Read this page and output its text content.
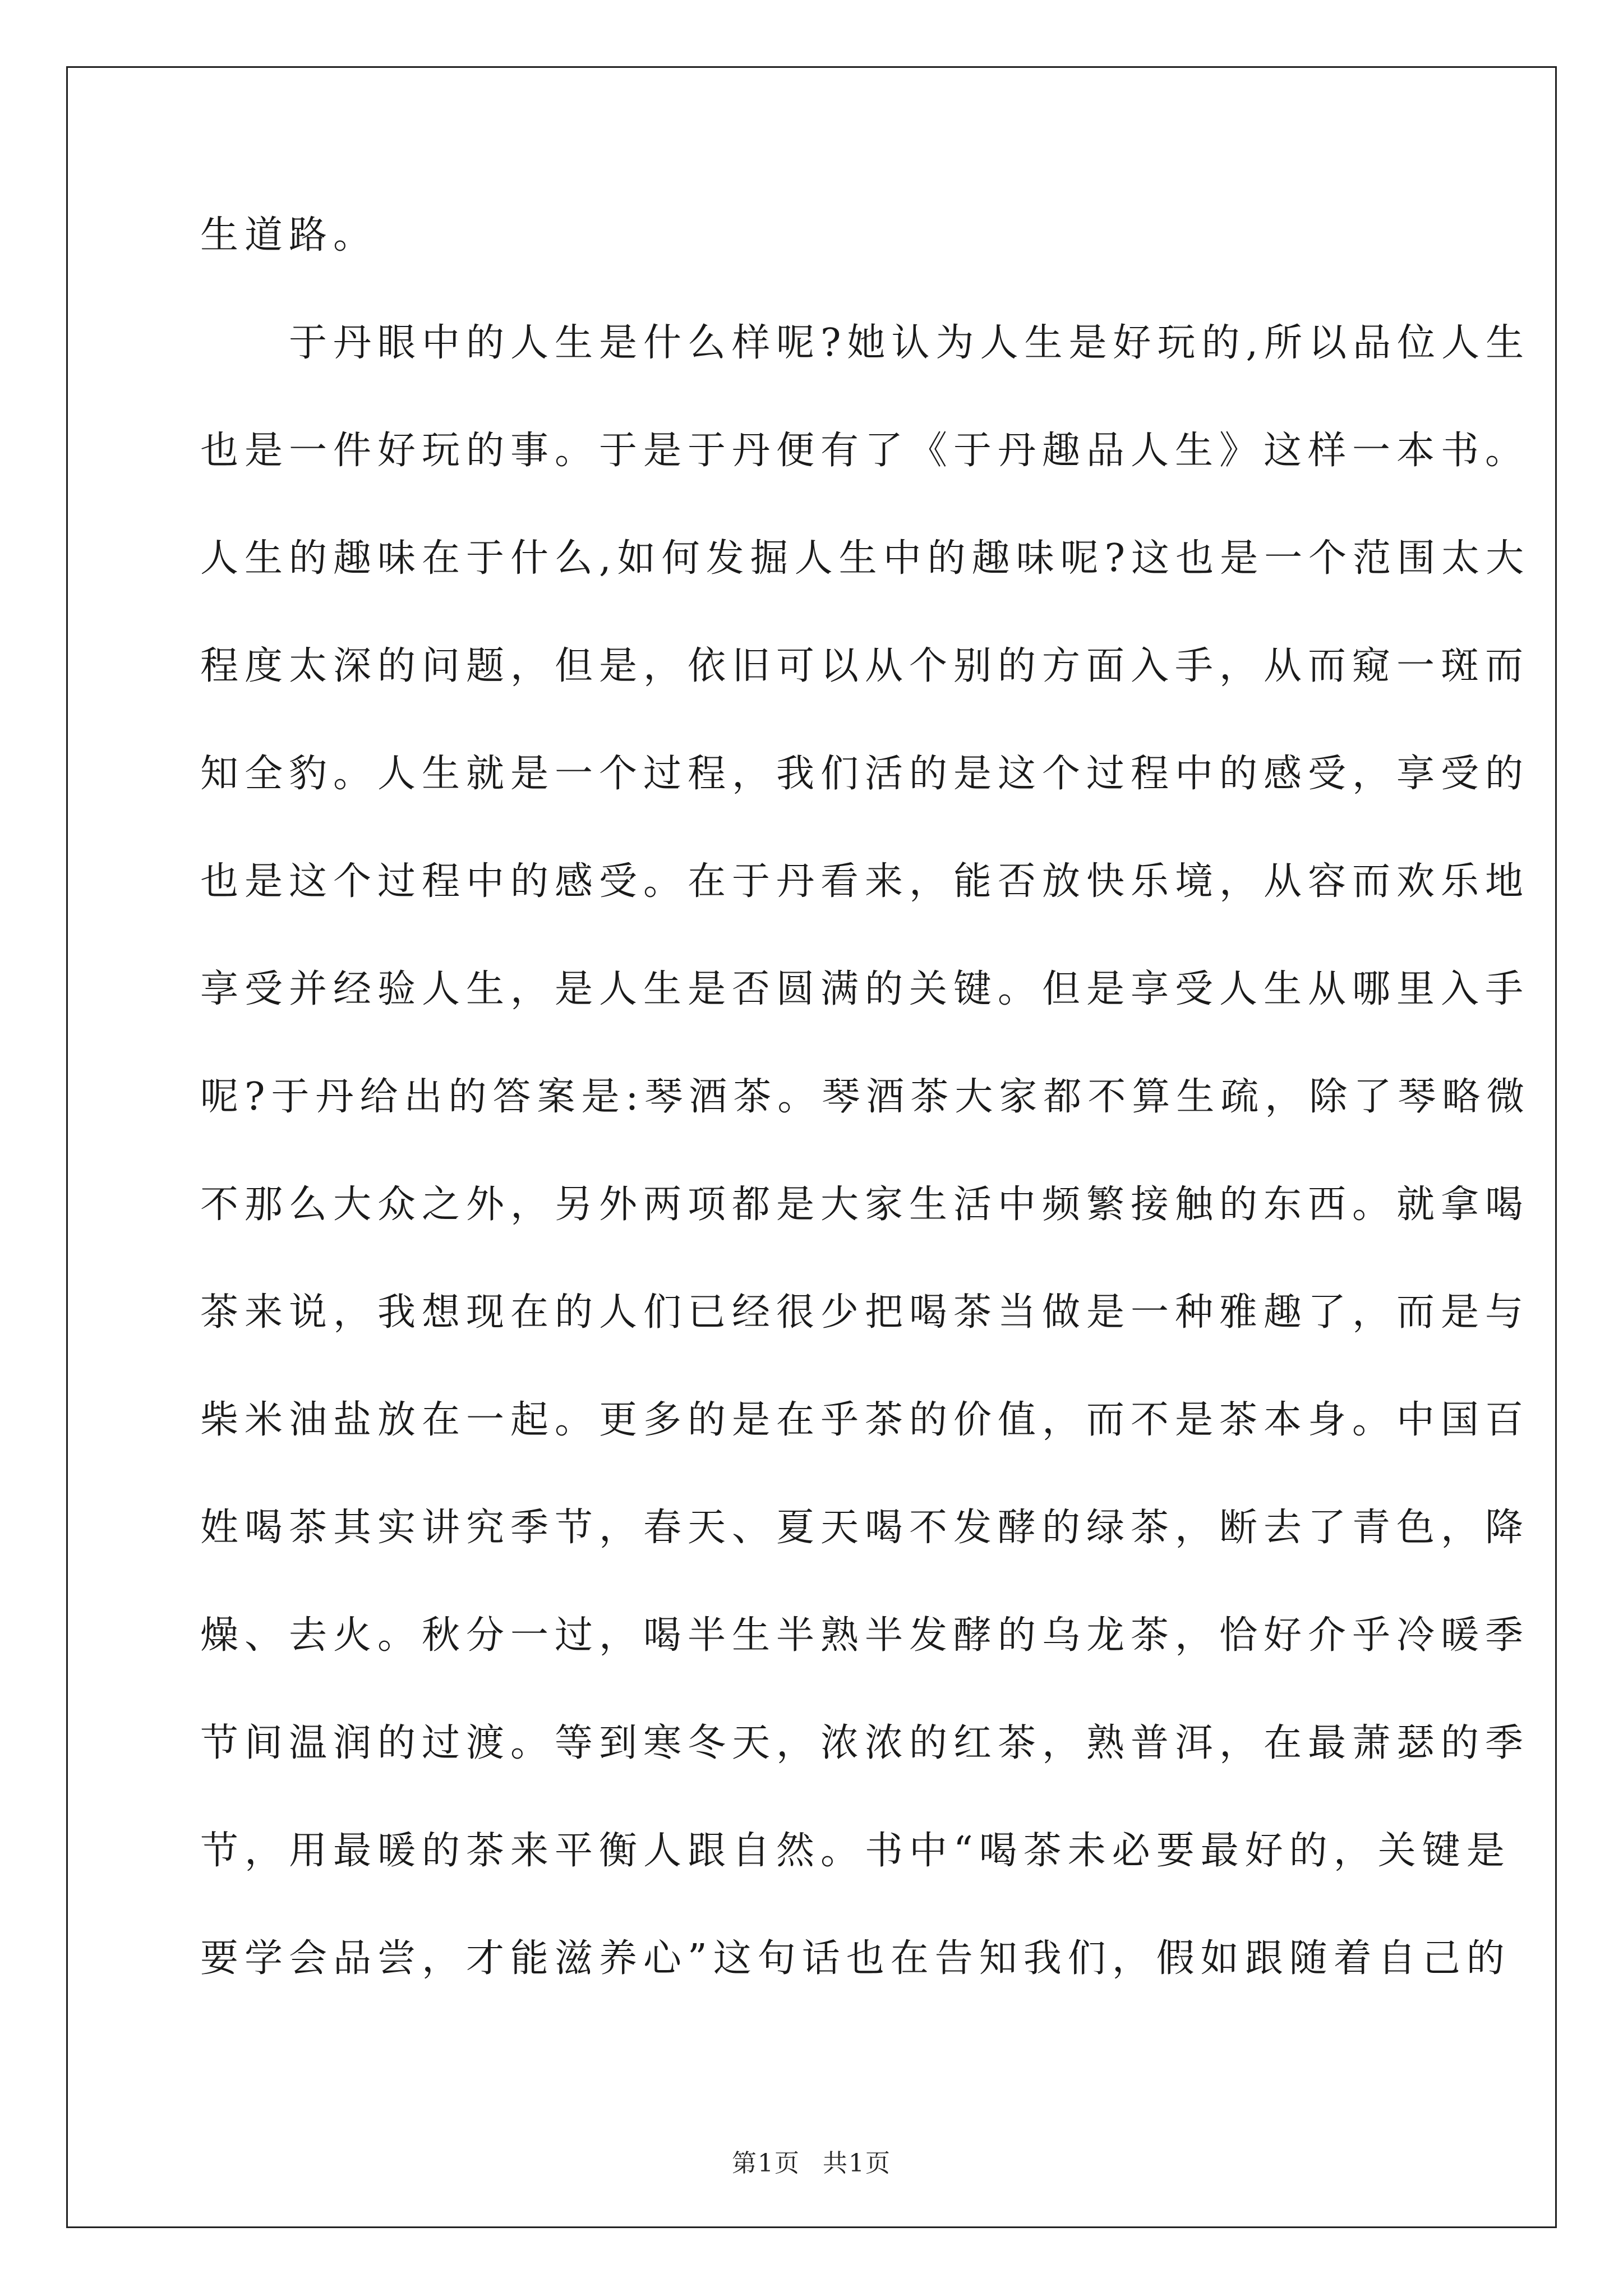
生道路。
于丹眼中的人生是什么样呢?她认为人生是好玩的,所以品位人生
也是一件好玩的事。于是于丹便有了《于丹趣品人生》这样一本书。
人生的趣味在于什么,如何发掘人生中的趣味呢?这也是一个范围太大
程度太深的问题，但是，依旧可以从个别的方面入手，从而窥一斑而
知全豹。人生就是一个过程，我们活的是这个过程中的感受，享受的
也是这个过程中的感受。在于丹看来，能否放快乐境，从容而欢乐地
享受并经验人生，是人生是否圆满的关键。但是享受人生从哪里入手
呢?于丹给出的答案是:琴酒茶。琴酒茶大家都不算生疏，除了琴略微
不那么大众之外，另外两项都是大家生活中频繁接触的东西。就拿喝
茶来说，我想现在的人们已经很少把喝茶当做是一种雅趣了，而是与
柴米油盐放在一起。更多的是在乎茶的价值，而不是茶本身。中国百
姓喝茶其实讲究季节，春天、夏天喝不发酵的绿茶，断去了青色，降
燥、去火。秋分一过，喝半生半熟半发酵的乌龙茶，恰好介乎冷暖季
节间温润的过渡。等到寒冬天，浓浓的红茶，熟普洱，在最萧瑟的季
节，用最暖的茶来平衡人跟自然。书中“喝茶未必要最好的，关键是
要学会品尝，才能滋养心”这句话也在告知我们，假如跟随着自己的
第1页 共1页
